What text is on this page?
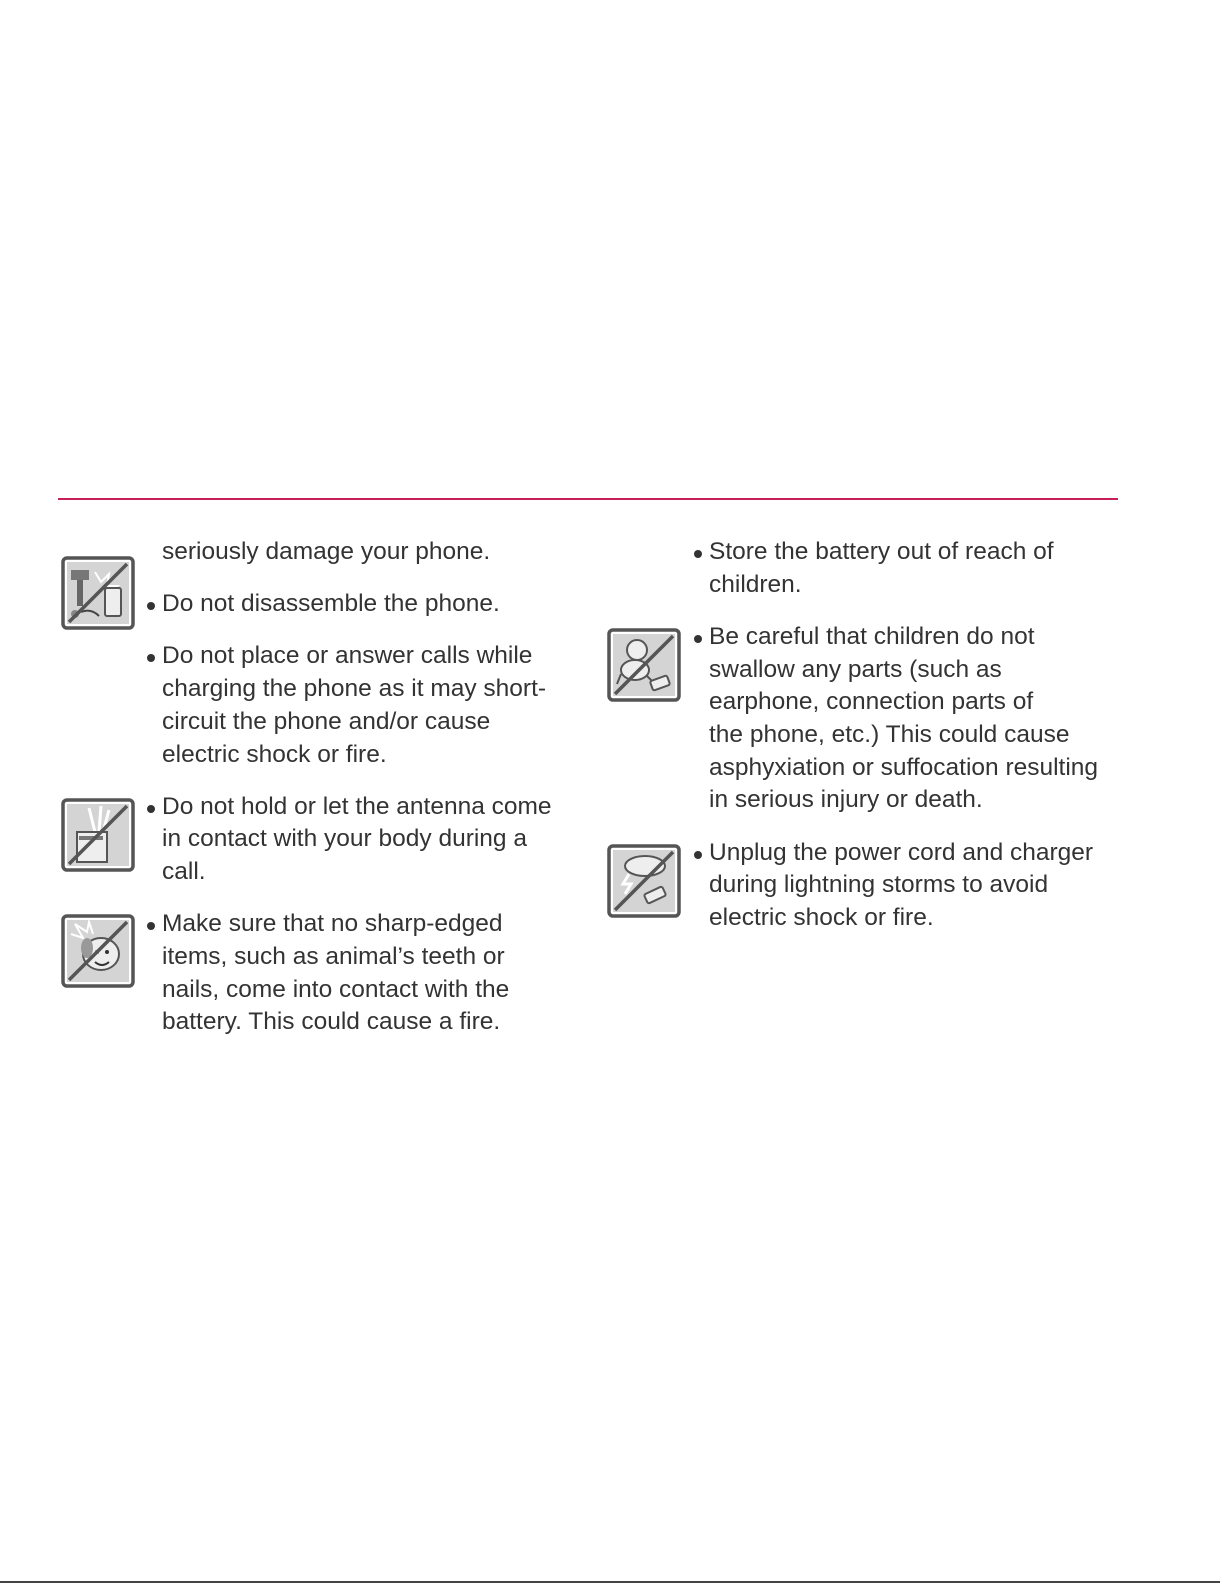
seriously damage your phone.
Do not disassemble the phone.
Do not place or answer calls while
charging the phone as it may short-
circuit the phone and/or cause
electric shock or fire.
Do not hold or let the antenna come
in contact with your body during a
call.
Make sure that no sharp-edged
items, such as animal’s teeth or
nails, come into contact with the
battery. This could cause a fire.
Store the battery out of reach of
children.
Be careful that children do not
swallow any parts (such as
earphone, connection parts of
the phone, etc.) This could cause
asphyxiation or suffocation resulting
in serious injury or death.
Unplug the power cord and charger
during lightning storms to avoid
electric shock or fire.
